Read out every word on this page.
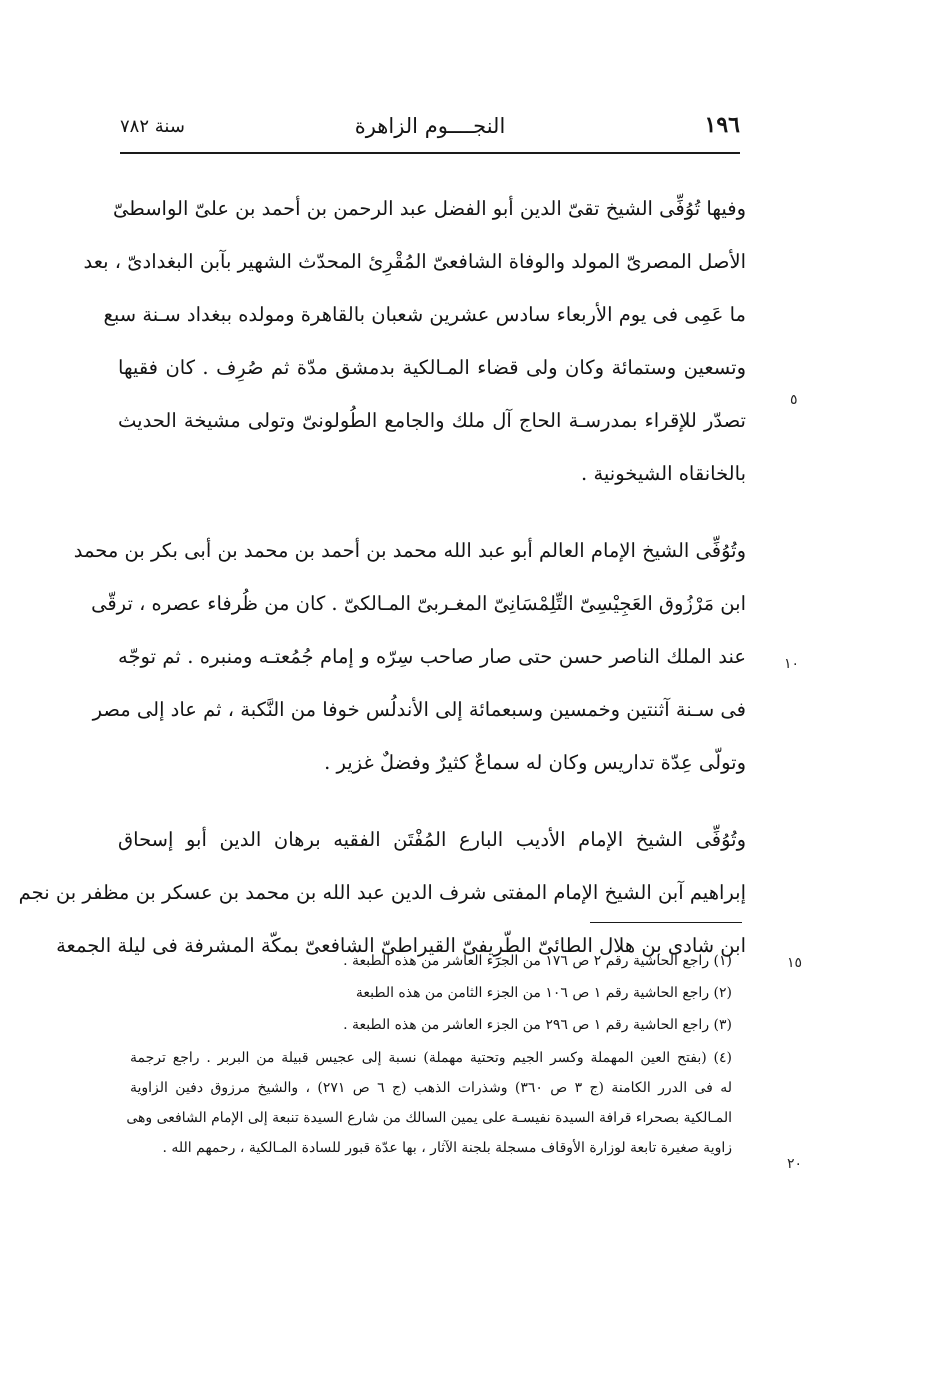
١٩٦
النجــــوم الزاهرة
سنة ٧٨٢
وفيها تُوُفِّى الشيخ تقىّ الدين أبو الفضل عبد الرحمن بن أحمد بن علىّ الواسطىّ
الأصل المصرىّ المولد والوفاة الشافعىّ المُقْرِئ المحدّث الشهير بآبن البغدادىّ ، بعد
ما عَمِى فى يوم الأربعاء سادس عشرين شعبان بالقاهرة ومولده ببغداد سـنة سبع
وتسعين وستمائة وكان ولى قضاء المـالكية بدمشق مدّة ثم صُرِف . كان فقيها
تصدّر للإقراء بمدرسـة الحاج آل ملك والجامع الطُولونىّ وتولى مشيخة الحديث
بالخانقاه الشيخونية .
وتُوُفِّى الشيخ الإمام العالم أبو عبد الله محمد بن أحمد بن محمد بن أبى بكر بن محمد
ابن مَرْزُوق العَجِيْسِىّ التِّلِمْسَانِىّ المغـربىّ المـالكىّ . كان من ظُرفاء عصره ، ترقّى
عند الملك الناصر حسن حتى صار صاحب سِرّه و إمام جُمُعتـه ومنبره . ثم توجّه
فى سـنة آثنتين وخمسين وسبعمائة إلى الأندلُس خوفا من النَّكبة ، ثم عاد إلى مصر
وتولّى عِدّة تداريس وكان له سماعٌ كثيرٌ وفضلٌ غزير .
وتُوُفِّى الشيخ الإمام الأديب البارع المُفْتَن الفقيه برهان الدين أبو إسحاق
إبراهيم آبن الشيخ الإمام المفتى شرف الدين عبد الله بن محمد بن عسكر بن مظفر بن نجم
ابن شادى بن هلال الطائىّ الطّرِيفىّ القيراطىّ الشافعىّ بمكّة المشرفة فى ليلة الجمعة
٥
١٠
١٥
٢٠
(١) راجع الحاشية رقم ٢ ص ١٧٦ من الجزء العاشر من هذه الطبعة .
(٢) راجع الحاشية رقم ١ ص ١٠٦ من الجزء الثامن من هذه الطبعة
(٣) راجع الحاشية رقم ١ ص ٢٩٦ من الجزء العاشر من هذه الطبعة .
(٤) (بفتح العين المهملة وكسر الجيم وتحتية مهملة) نسبة إلى عجيس قبيلة من البربر . راجع ترجمة
له فى الدرر الكامنة (ج ٣ ص ٣٦٠) وشذرات الذهب (ج ٦ ص ٢٧١) ، والشيخ مرزوق دفين الزاوية
المـالكية بصحراء قرافة السيدة نفيسـة على يمين السالك من شارع السيدة تنبعة إلى الإمام الشافعى وهى
زاوية صغيرة تابعة لوزارة الأوقاف مسجلة بلجنة الآثار ، بها عدّة قبور للسادة المـالكية ، رحمهم الله .
